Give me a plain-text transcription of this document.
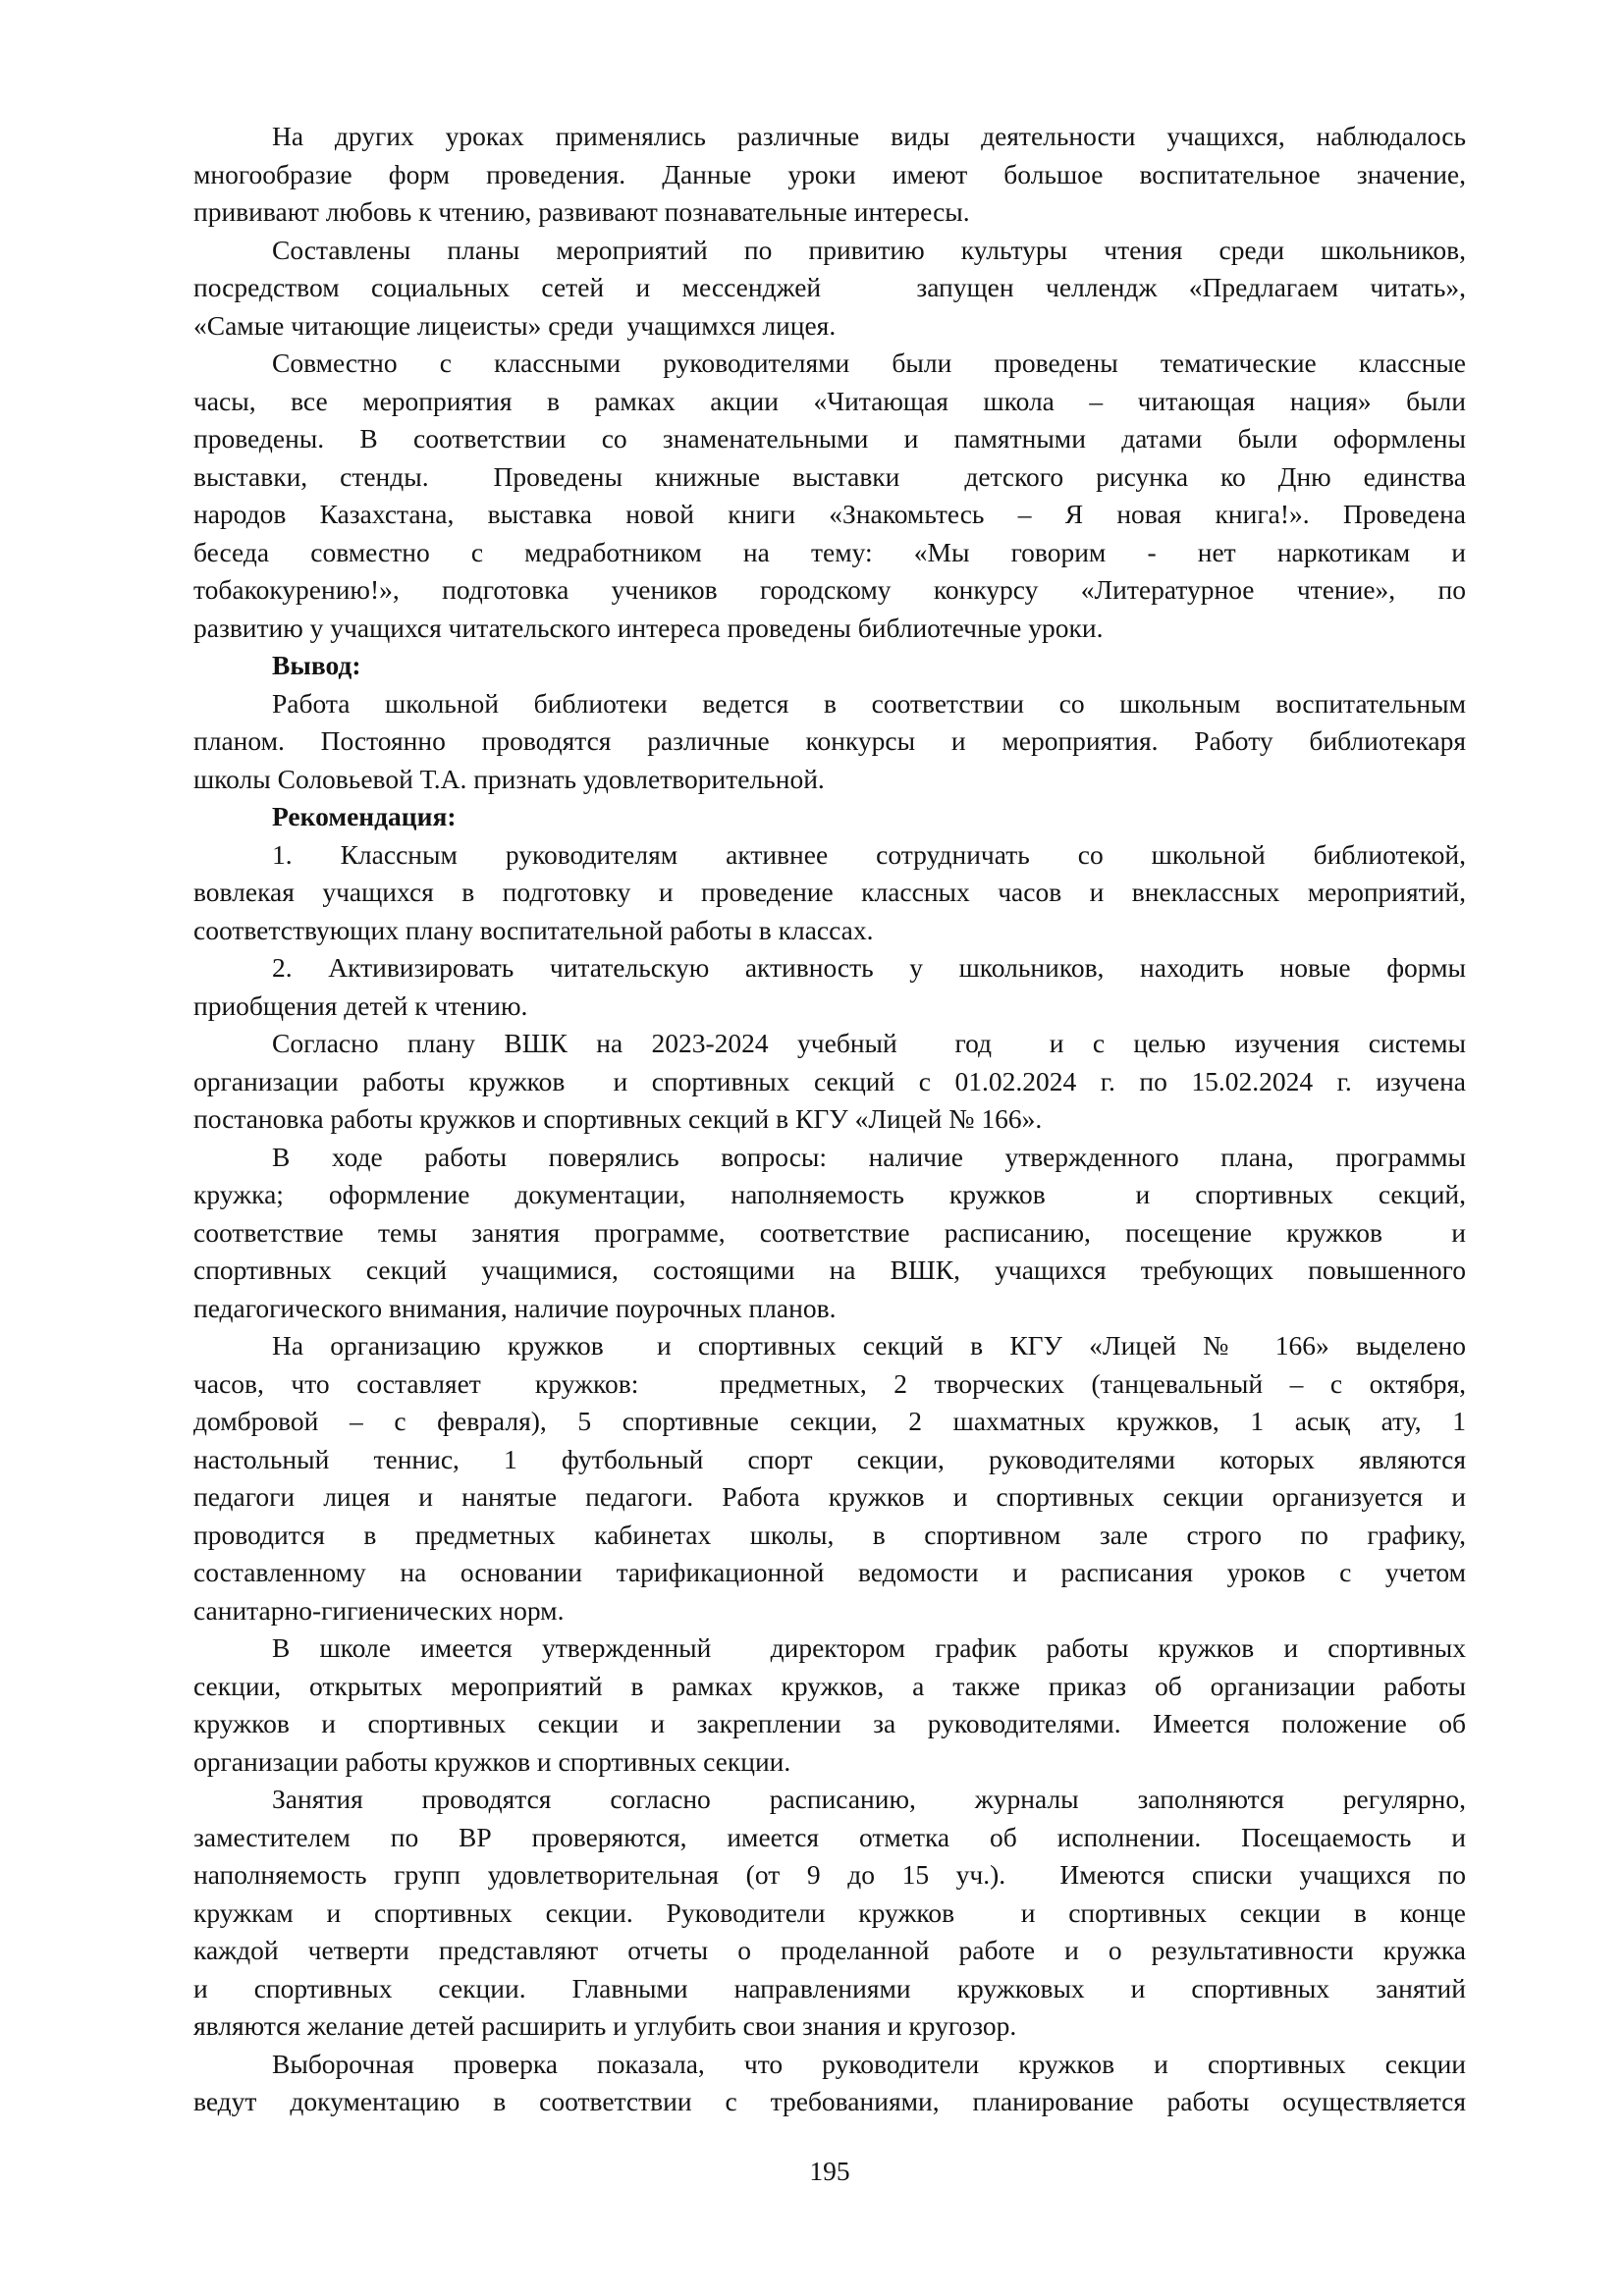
На других уроках применялись различные виды деятельности учащихся, наблюдалось
многообразие форм проведения. Данные уроки имеют большое воспитательное значение,
прививают любовь к чтению, развивают познавательные интересы.
Составлены планы мероприятий по привитию культуры чтения среди школьников,
посредством социальных сетей и мессенджей   запущен челлендж «Предлагаем читать»,
«Самые читающие лицеисты» среди  учащимхся лицея.
Совместно с классными руководителями были проведены тематические классные
часы, все мероприятия в рамках акции «Читающая школа – читающая нация» были
проведены. В соответствии со знаменательными и памятными датами были оформлены
выставки, стенды.  Проведены книжные выставки  детского рисунка ко Дню единства
народов Казахстана, выставка новой книги «Знакомьтесь – Я новая книга!». Проведена
беседа совместно с медработником на тему: «Мы говорим - нет наркотикам и
тобакокурению!», подготовка учеников городскому конкурсу «Литературное чтение», по
развитию у учащихся читательского интереса проведены библиотечные уроки.
Вывод:
Работа школьной библиотеки ведется в соответствии со школьным воспитательным
планом. Постоянно проводятся различные конкурсы и мероприятия. Работу библиотекаря
школы Соловьевой Т.А. признать удовлетворительной.
Рекомендация:
1. Классным руководителям активнее сотрудничать со школьной библиотекой,
вовлекая учащихся в подготовку и проведение классных часов и внеклассных мероприятий,
соответствующих плану воспитательной работы в классах.
2. Активизировать читательскую активность у школьников, находить новые формы
приобщения детей к чтению.
Согласно плану ВШК на 2023-2024 учебный  год  и с целью изучения системы
организации работы кружков  и спортивных секций с 01.02.2024 г. по 15.02.2024 г. изучена
постановка работы кружков и спортивных секций в КГУ «Лицей № 166».
В ходе работы поверялись вопросы: наличие утвержденного плана, программы
кружка; оформление документации, наполняемость кружков  и спортивных секций,
соответствие темы занятия программе, соответствие расписанию, посещение кружков  и
спортивных секций учащимися, состоящими на ВШК, учащихся требующих повышенного
педагогического внимания, наличие поурочных планов.
На организацию кружков  и спортивных секций в КГУ «Лицей № 166» выделено
часов, что составляет  кружков:   предметных, 2 творческих (танцевальный – с октября,
домбровой – с февраля), 5 спортивные секции, 2 шахматных кружков, 1 асық ату, 1
настольный теннис, 1 футбольный спорт секции, руководителями которых являются
педагоги лицея и нанятые педагоги. Работа кружков и спортивных секции организуется и
проводится в предметных кабинетах школы, в спортивном зале строго по графику,
составленному на основании тарификационной ведомости и расписания уроков с учетом
санитарно-гигиенических норм.
В школе имеется утвержденный  директором график работы кружков и спортивных
секции, открытых мероприятий в рамках кружков, а также приказ об организации работы
кружков и спортивных секции и закреплении за руководителями. Имеется положение об
организации работы кружков и спортивных секции.
Занятия проводятся согласно расписанию, журналы заполняются регулярно,
заместителем по ВР проверяются, имеется отметка об исполнении. Посещаемость и
наполняемость групп удовлетворительная (от 9 до 15 уч.).  Имеются списки учащихся по
кружкам и спортивных секции. Руководители кружков  и спортивных секции в конце
каждой четверти представляют отчеты о проделанной работе и о результативности кружка
и спортивных секции. Главными направлениями кружковых и спортивных занятий
являются желание детей расширить и углубить свои знания и кругозор.
Выборочная проверка показала, что руководители кружков и спортивных секции
ведут документацию в соответствии с требованиями, планирование работы осуществляется
195
